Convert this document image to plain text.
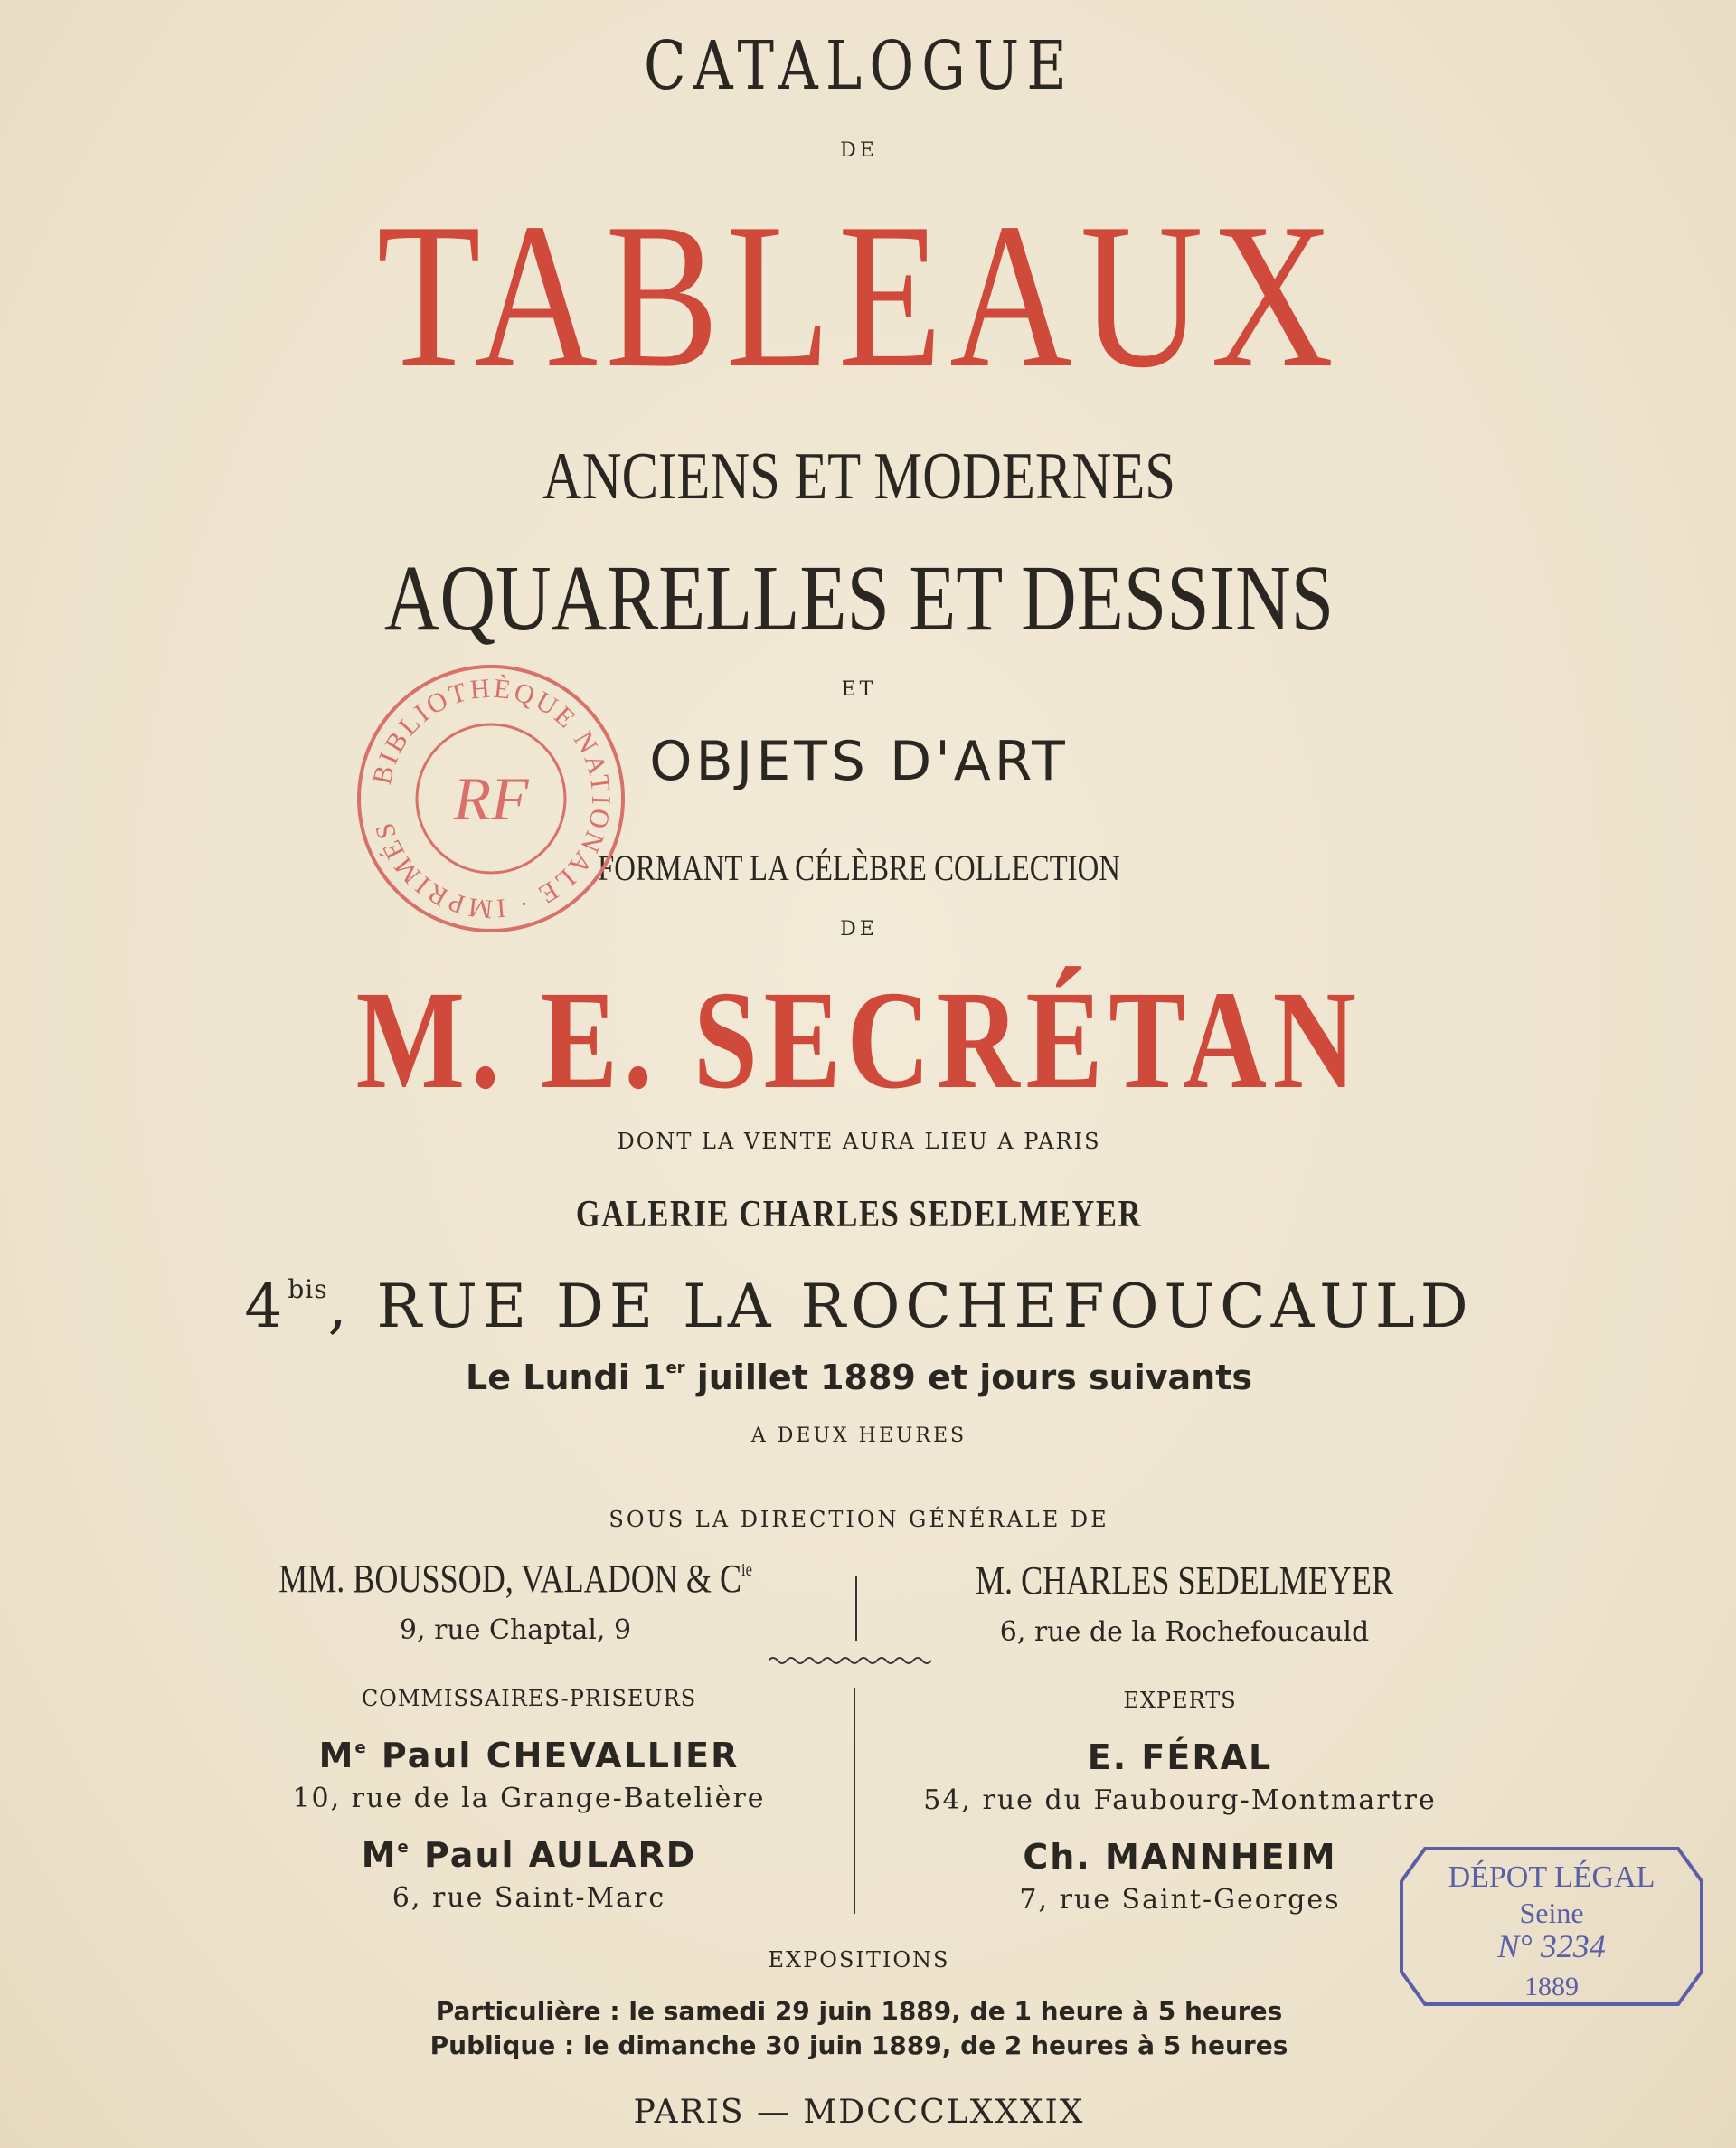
CATALOGUE
DE
TABLEAUX
ANCIENS ET MODERNES
AQUARELLES ET DESSINS
ET
OBJETS D'ART
FORMANT LA CÉLÈBRE COLLECTION
DE
M. E. SECRÉTAN
DONT LA VENTE AURA LIEU A PARIS
GALERIE CHARLES SEDELMEYER
$4^{bis}$, RUE DE LA ROCHEFOUCAULD
Le Lundi 1er juillet 1889 et jours suivants
A DEUX HEURES
SOUS LA DIRECTION GÉNÉRALE DE
MM. BOUSSOD, VALADON & $C^{ie}$
9, rue Chaptal, 9
M. CHARLES SEDELMEYER
6, rue de la Rochefoucauld
COMMISSAIRES-PRISEURS
Me Paul CHEVALLIER
10, rue de la Grange-Batelière
Me Paul AULARD
6, rue Saint-Marc
EXPERTS
E. FÉRAL
54, rue du Faubourg-Montmartre
Ch. MANNHEIM
7, rue Saint-Georges
EXPOSITIONS
Particulière : le samedi 29 juin 1889, de 1 heure à 5 heures
Publique : le dimanche 30 juin 1889, de 2 heures à 5 heures
PARIS — MDCCCLXXXIX
BIBLIOTHÈQUE NATIONALE · IMPRIMÉS RF
DÉPOT LÉGAL
Seine
N° 3234
1889
